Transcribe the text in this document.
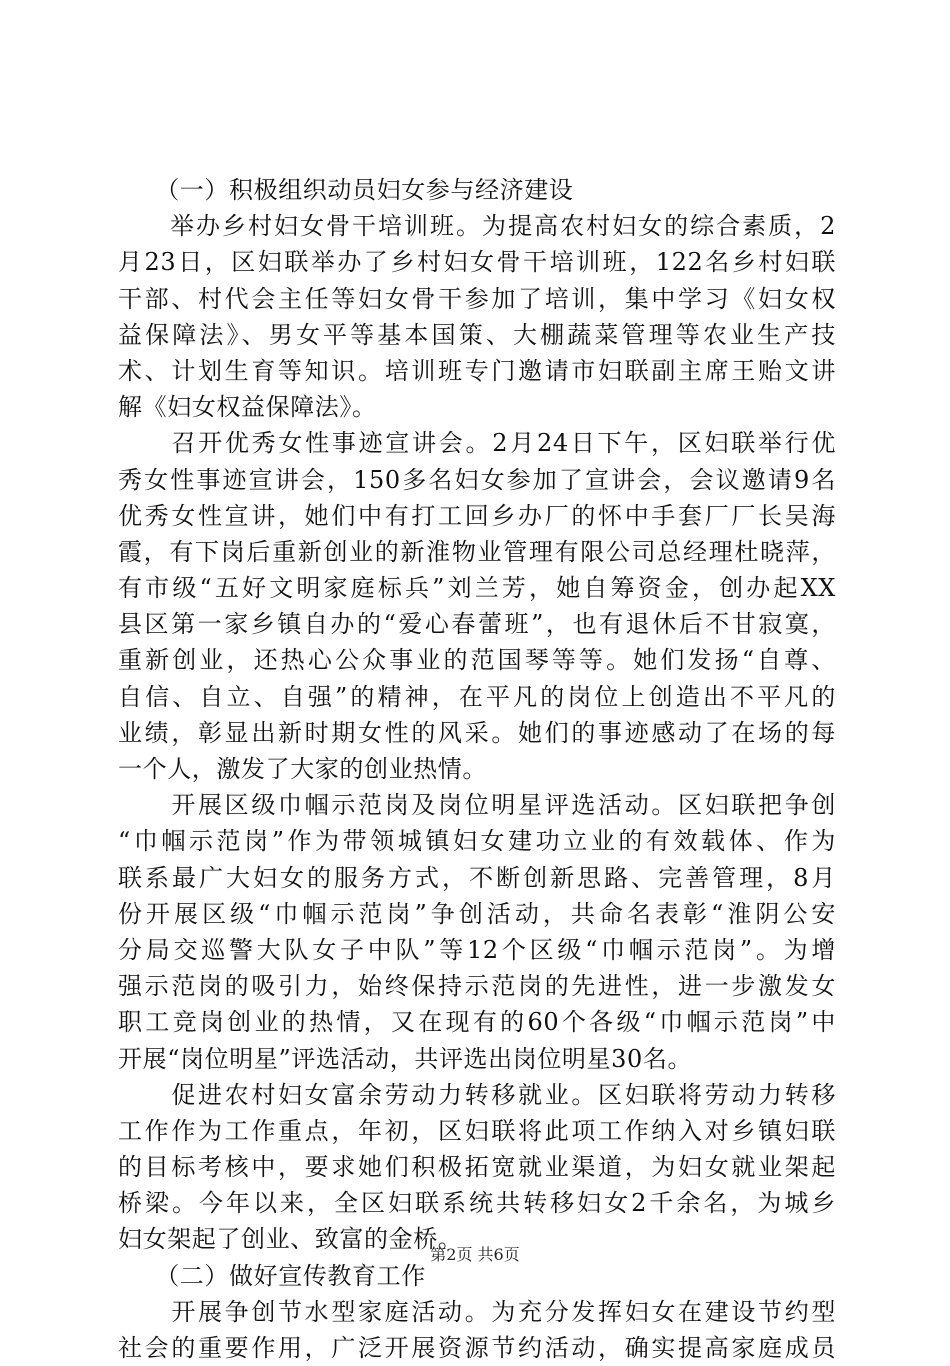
　　（一）积极组织动员妇女参与经济建设
　　举办乡村妇女骨干培训班。为提高农村妇女的综合素质，2
月23日，区妇联举办了乡村妇女骨干培训班，122名乡村妇联
干部、村代会主任等妇女骨干参加了培训，集中学习《妇女权
益保障法》、男女平等基本国策、大棚蔬菜管理等农业生产技
术、计划生育等知识。培训班专门邀请市妇联副主席王贻文讲
解《妇女权益保障法》。
　　召开优秀女性事迹宣讲会。2月24日下午，区妇联举行优
秀女性事迹宣讲会，150多名妇女参加了宣讲会，会议邀请9名
优秀女性宣讲，她们中有打工回乡办厂的怀中手套厂厂长吴海
霞，有下岗后重新创业的新淮物业管理有限公司总经理杜晓萍，
有市级“五好文明家庭标兵”刘兰芳，她自筹资金，创办起XX
县区第一家乡镇自办的“爱心春蕾班”，也有退休后不甘寂寞，
重新创业，还热心公众事业的范国琴等等。她们发扬“自尊、
自信、自立、自强”的精神，在平凡的岗位上创造出不平凡的
业绩，彰显出新时期女性的风采。她们的事迹感动了在场的每
一个人，激发了大家的创业热情。
　　开展区级巾帼示范岗及岗位明星评选活动。区妇联把争创
“巾帼示范岗”作为带领城镇妇女建功立业的有效载体、作为
联系最广大妇女的服务方式，不断创新思路、完善管理，8月
份开展区级“巾帼示范岗”争创活动，共命名表彰“淮阴公安
分局交巡警大队女子中队”等12个区级“巾帼示范岗”。为增
强示范岗的吸引力，始终保持示范岗的先进性，进一步激发女
职工竞岗创业的热情，又在现有的60个各级“巾帼示范岗”中
开展“岗位明星”评选活动，共评选出岗位明星30名。
　　促进农村妇女富余劳动力转移就业。区妇联将劳动力转移
工作作为工作重点，年初，区妇联将此项工作纳入对乡镇妇联
的目标考核中，要求她们积极拓宽就业渠道，为妇女就业架起
桥梁。今年以来，全区妇联系统共转移妇女2千余名，为城乡
妇女架起了创业、致富的金桥。
　　（二）做好宣传教育工作
　　开展争创节水型家庭活动。为充分发挥妇女在建设节约型
社会的重要作用，广泛开展资源节约活动，确实提高家庭成员
第2页 共6页
